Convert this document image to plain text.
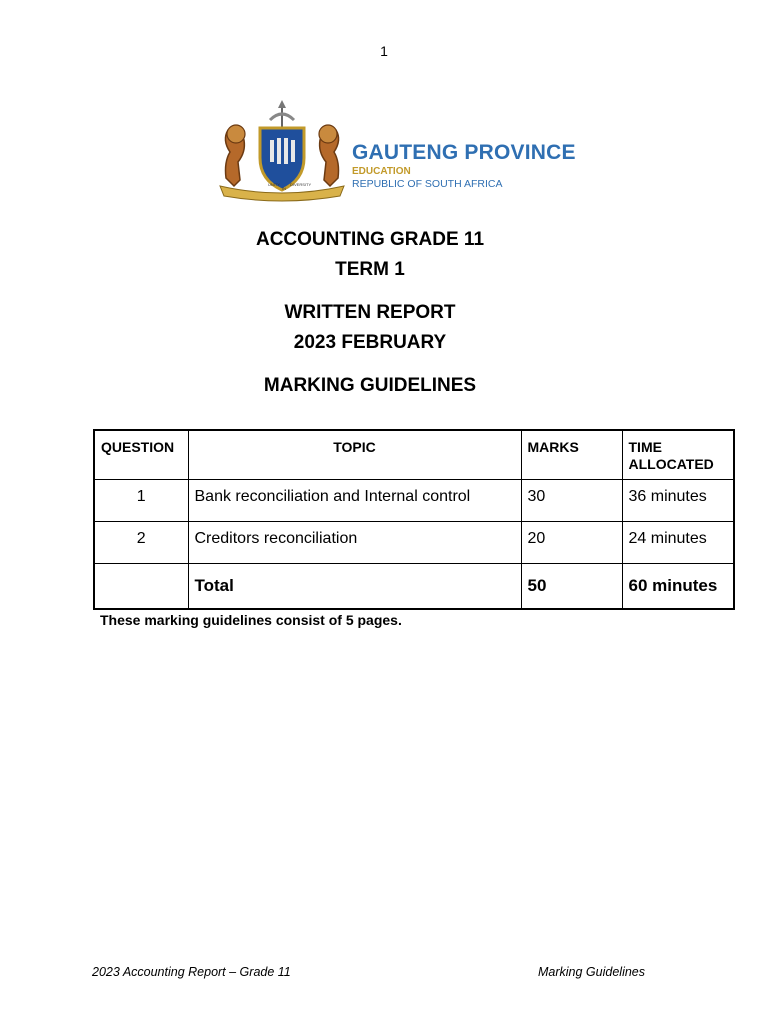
1
UNITY
IN
DIVERSITY
GAUTENG PROVINCE
EDUCATION
REPUBLIC OF SOUTH AFRICA
ACCOUNTING GRADE 11
TERM 1
WRITTEN REPORT
2023 FEBRUARY
MARKING GUIDELINES
QUESTION	TOPIC	MARKS	TIME ALLOCATED
1	Bank reconciliation and Internal control	30	36 minutes
2	Creditors reconciliation	20	24 minutes
	Total	50	60 minutes
These marking guidelines consist of 5 pages.
2023 Accounting Report – Grade 11	Marking Guidelines
